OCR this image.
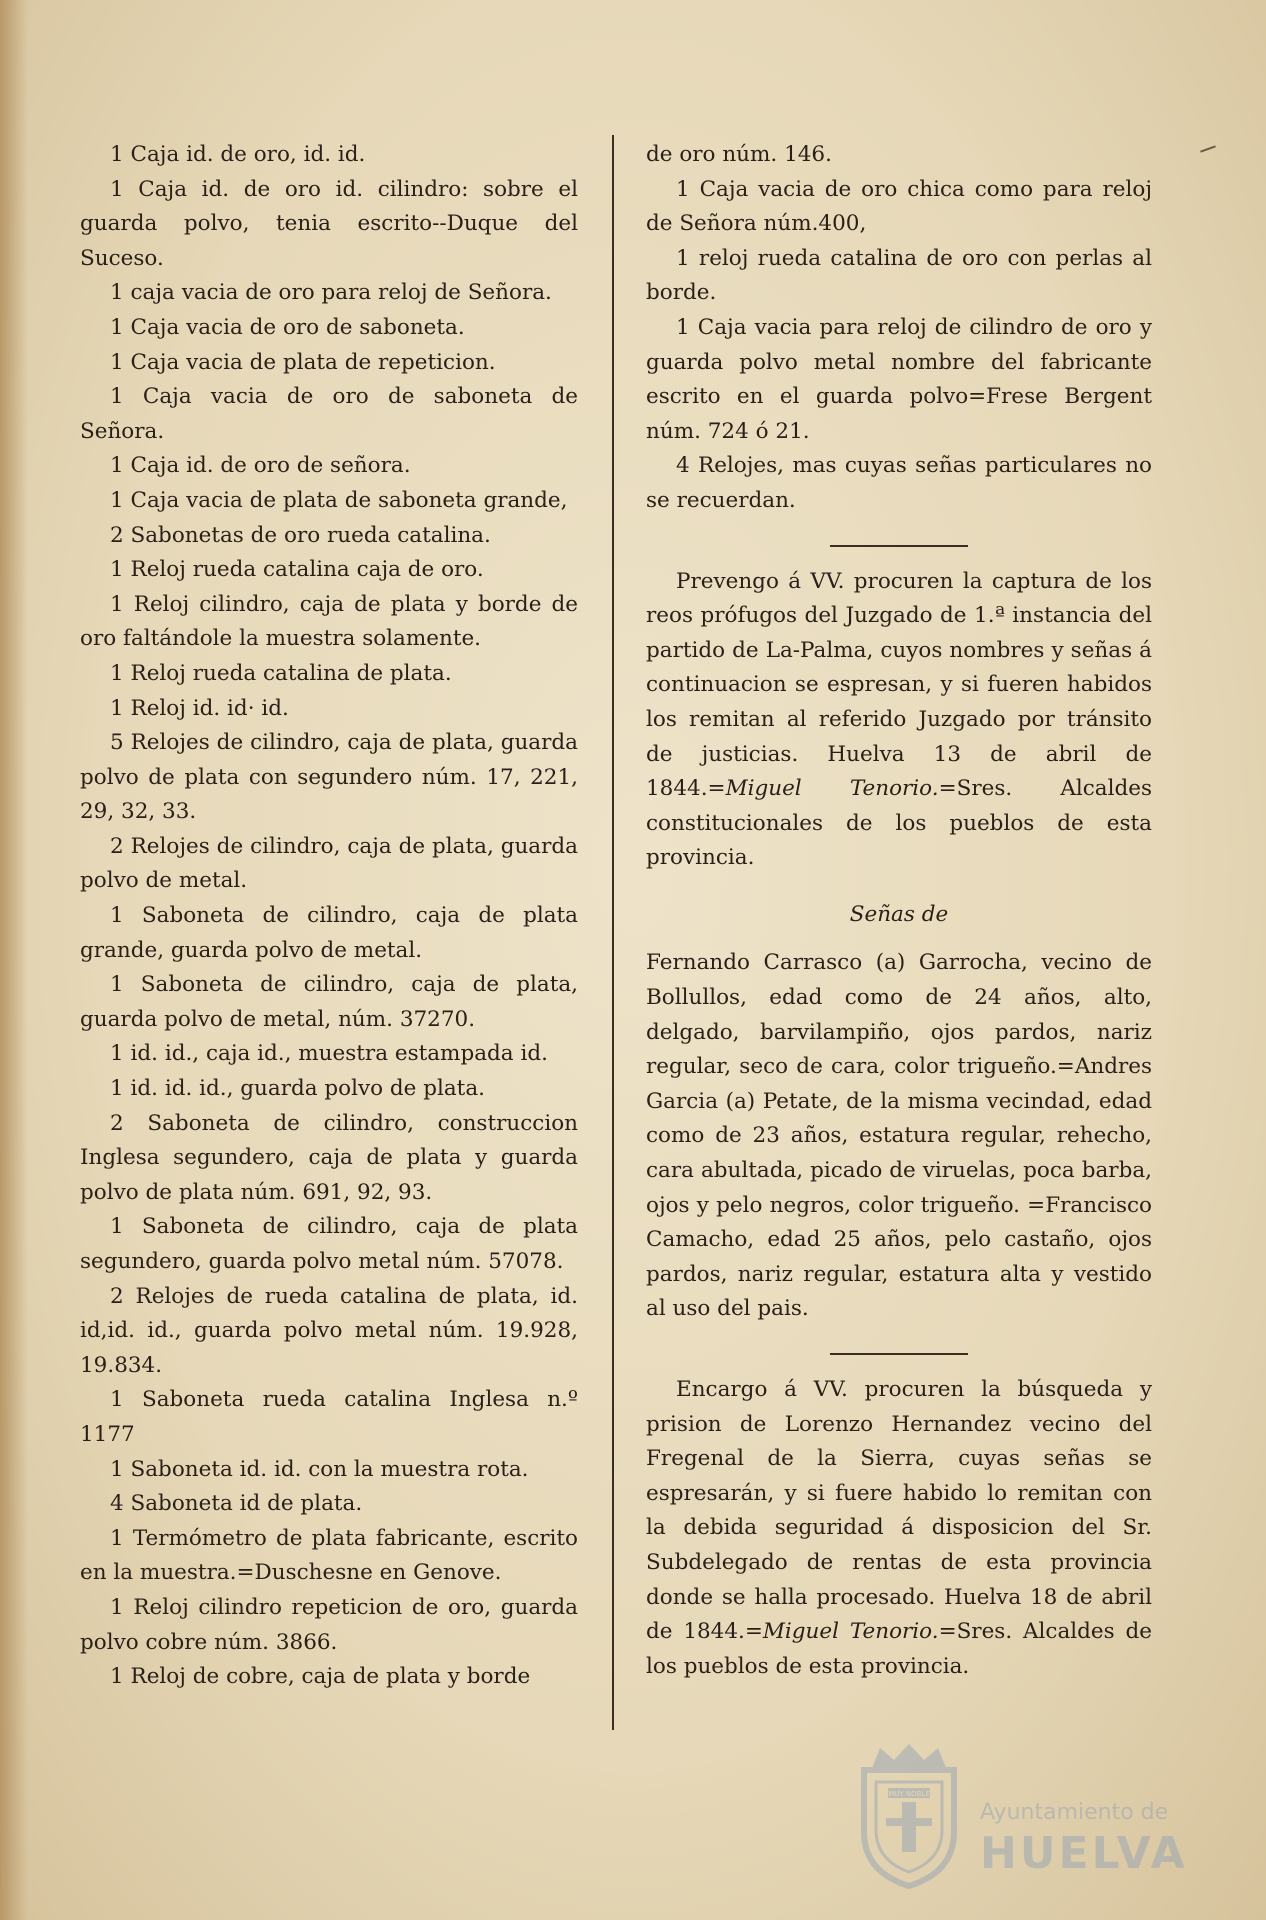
1 Caja id. de oro, id. id.

1 Caja id. de oro id. cilindro: sobre el guarda polvo, tenia escrito--Duque del Suceso.

1 caja vacia de oro para reloj de Señora.

1 Caja vacia de oro de saboneta.

1 Caja vacia de plata de repeticion.

1 Caja vacia de oro de saboneta de Señora.

1 Caja id. de oro de señora.

1 Caja vacia de plata de saboneta grande,

2 Sabonetas de oro rueda catalina.

1 Reloj rueda catalina caja de oro.

1 Reloj cilindro, caja de plata y borde de oro faltándole la muestra solamente.

1 Reloj rueda catalina de plata.

1 Reloj id. id· id.

5 Relojes de cilindro, caja de plata, guarda polvo de plata con segundero núm. 17, 221, 29, 32, 33.

2 Relojes de cilindro, caja de plata, guarda polvo de metal.

1 Saboneta de cilindro, caja de plata grande, guarda polvo de metal.

1 Saboneta de cilindro, caja de plata, guarda polvo de metal, núm. 37270.

1 id. id., caja id., muestra estampada id.

1 id. id. id., guarda polvo de plata.

2 Saboneta de cilindro, construccion Inglesa segundero, caja de plata y guarda polvo de plata núm. 691, 92, 93.

1 Saboneta de cilindro, caja de plata segundero, guarda polvo metal núm. 57078.

2 Relojes de rueda catalina de plata, id. id,id. id., guarda polvo metal núm. 19.928, 19.834.

1 Saboneta rueda catalina Inglesa n.º 1177

1 Saboneta id. id. con la muestra rota.

4 Saboneta id de plata.

1 Termómetro de plata fabricante, escrito en la muestra.=Duschesne en Genove.

1 Reloj cilindro repeticion de oro, guarda polvo cobre núm. 3866.

1 Reloj de cobre, caja de plata y borde

de oro núm. 146.

1 Caja vacia de oro chica como para reloj de Señora núm.400,

1 reloj rueda catalina de oro con perlas al borde.

1 Caja vacia para reloj de cilindro de oro y guarda polvo metal nombre del fabricante escrito en el guarda polvo=Frese Bergent núm. 724 ó 21.

4 Relojes, mas cuyas señas particulares no se recuerdan.

Prevengo á VV. procuren la captura de los reos prófugos del Juzgado de 1.ª instancia del partido de La-Palma, cuyos nombres y señas á continuacion se espresan, y si fueren habidos los remitan al referido Juzgado por tránsito de justicias. Huelva 13 de abril de 1844.=Miguel Tenorio.=Sres. Alcaldes constitucionales de los pueblos de esta provincia.

Señas de

Fernando Carrasco (a) Garrocha, vecino de Bollullos, edad como de 24 años, alto, delgado, barvilampiño, ojos pardos, nariz regular, seco de cara, color trigueño.=Andres Garcia (a) Petate, de la misma vecindad, edad como de 23 años, estatura regular, rehecho, cara abultada, picado de viruelas, poca barba, ojos y pelo negros, color trigueño. =Francisco Camacho, edad 25 años, pelo castaño, ojos pardos, nariz regular, estatura alta y vestido al uso del pais.

Encargo á VV. procuren la búsqueda y prision de Lorenzo Hernandez vecino del Fregenal de la Sierra, cuyas señas se espresarán, y si fuere habido lo remitan con la debida seguridad á disposicion del Sr. Subdelegado de rentas de esta provincia donde se halla procesado. Huelva 18 de abril de 1844.=Miguel Tenorio.=Sres. Alcaldes de los pueblos de esta provincia.

MUY NOBLE
Ayuntamiento de
HUELVA
